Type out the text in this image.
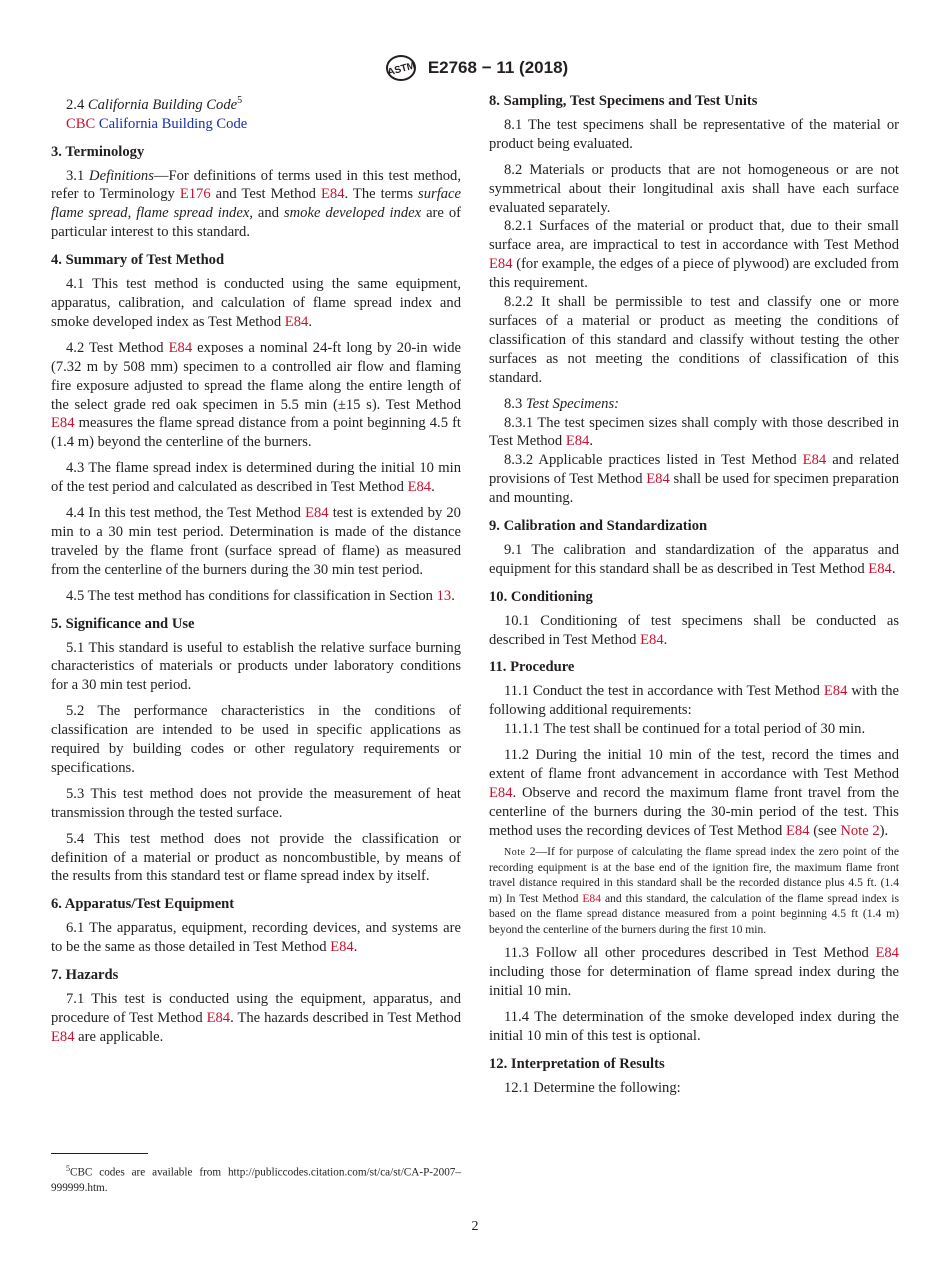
ASTM E2768 − 11 (2018)

2.4 California Building Code$^5$

CBC California Building Code

3. Terminology

3.1 Definitions—For definitions of terms used in this test method, refer to Terminology E176 and Test Method E84. The terms surface flame spread, flame spread index, and smoke developed index are of particular interest to this standard.

4. Summary of Test Method

4.1 This test method is conducted using the same equipment, apparatus, calibration, and calculation of flame spread index and smoke developed index as Test Method E84.

4.2 Test Method E84 exposes a nominal 24-ft long by 20-in wide (7.32 m by 508 mm) specimen to a controlled air flow and flaming fire exposure adjusted to spread the flame along the entire length of the select grade red oak specimen in 5.5 min (±15 s). Test Method E84 measures the flame spread distance from a point beginning 4.5 ft (1.4 m) beyond the centerline of the burners.

4.3 The flame spread index is determined during the initial 10 min of the test period and calculated as described in Test Method E84.

4.4 In this test method, the Test Method E84 test is extended by 20 min to a 30 min test period. Determination is made of the distance traveled by the flame front (surface spread of flame) as measured from the centerline of the burners during the 30 min test period.

4.5 The test method has conditions for classification in Section 13.

5. Significance and Use

5.1 This standard is useful to establish the relative surface burning characteristics of materials or products under laboratory conditions for a 30 min test period.

5.2 The performance characteristics in the conditions of classification are intended to be used in specific applications as required by building codes or other regulatory requirements or specifications.

5.3 This test method does not provide the measurement of heat transmission through the tested surface.

5.4 This test method does not provide the classification or definition of a material or product as noncombustible, by means of the results from this standard test or flame spread index by itself.

6. Apparatus/Test Equipment

6.1 The apparatus, equipment, recording devices, and systems are to be the same as those detailed in Test Method E84.

7. Hazards

7.1 This test is conducted using the equipment, apparatus, and procedure of Test Method E84. The hazards described in Test Method E84 are applicable.

8. Sampling, Test Specimens and Test Units

8.1 The test specimens shall be representative of the material or product being evaluated.

8.2 Materials or products that are not homogeneous or are not symmetrical about their longitudinal axis shall have each surface evaluated separately.

8.2.1 Surfaces of the material or product that, due to their small surface area, are impractical to test in accordance with Test Method E84 (for example, the edges of a piece of plywood) are excluded from this requirement.

8.2.2 It shall be permissible to test and classify one or more surfaces of a material or product as meeting the conditions of classification of this standard and classify without testing the other surfaces as not meeting the conditions of classification of this standard.

8.3 Test Specimens:

8.3.1 The test specimen sizes shall comply with those described in Test Method E84.

8.3.2 Applicable practices listed in Test Method E84 and related provisions of Test Method E84 shall be used for specimen preparation and mounting.

9. Calibration and Standardization

9.1 The calibration and standardization of the apparatus and equipment for this standard shall be as described in Test Method E84.

10. Conditioning

10.1 Conditioning of test specimens shall be conducted as described in Test Method E84.

11. Procedure

11.1 Conduct the test in accordance with Test Method E84 with the following additional requirements:

11.1.1 The test shall be continued for a total period of 30 min.

11.2 During the initial 10 min of the test, record the times and extent of flame front advancement in accordance with Test Method E84. Observe and record the maximum flame front travel from the centerline of the burners during the 30-min period of the test. This method uses the recording devices of Test Method E84 (see Note 2).

Note 2—If for purpose of calculating the flame spread index the zero point of the recording equipment is at the base end of the ignition fire, the maximum flame front travel distance required in this standard shall be the recorded distance plus 4.5 ft. (1.4 m) In Test Method E84 and this standard, the calculation of the flame spread index is based on the flame spread distance measured from a point beginning 4.5 ft (1.4 m) beyond the centerline of the burners during the first 10 min.

11.3 Follow all other procedures described in Test Method E84 including those for determination of flame spread index during the initial 10 min.

11.4 The determination of the smoke developed index during the initial 10 min of this test is optional.

12. Interpretation of Results

12.1 Determine the following:

$^5$CBC codes are available from http://publiccodes.citation.com/st/ca/st/CA-P-2007–999999.htm.
2
